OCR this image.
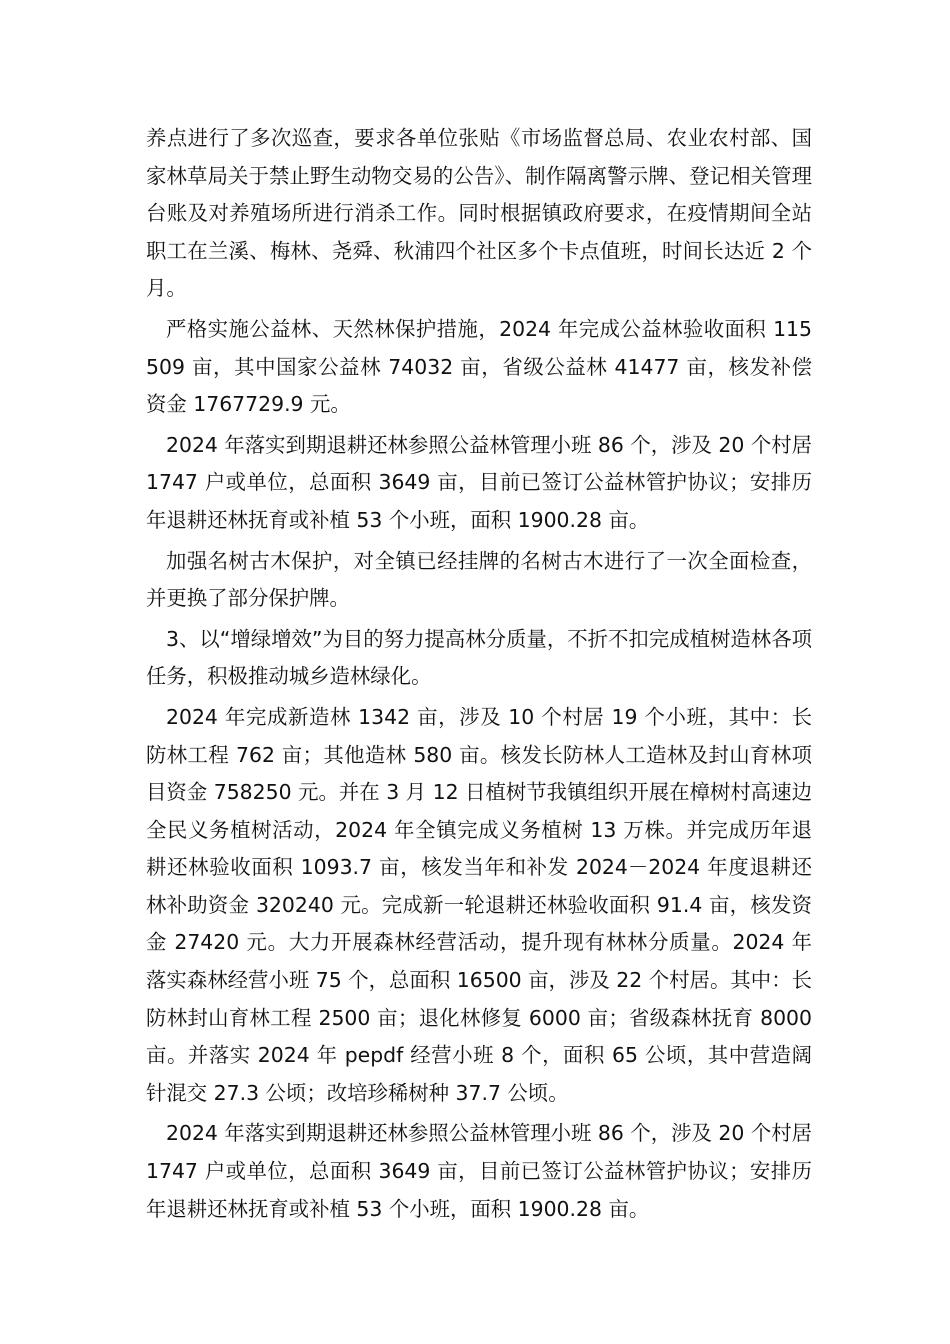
养点进行了多次巡查，要求各单位张贴《市场监督总局、农业农村部、国家林草局关于禁止野生动物交易的公告》、制作隔离警示牌、登记相关管理台账及对养殖场所进行消杀工作。同时根据镇政府要求，在疫情期间全站职工在兰溪、梅林、尧舜、秋浦四个社区多个卡点值班，时间长达近 2 个月。

严格实施公益林、天然林保护措施，2024 年完成公益林验收面积 115509 亩，其中国家公益林 74032 亩，省级公益林 41477 亩，核发补偿资金 1767729.9 元。

2024 年落实到期退耕还林参照公益林管理小班 86 个，涉及 20 个村居 1747 户或单位，总面积 3649 亩，目前已签订公益林管护协议；安排历年退耕还林抚育或补植 53 个小班，面积 1900.28 亩。

加强名树古木保护，对全镇已经挂牌的名树古木进行了一次全面检查，并更换了部分保护牌。

3、以“增绿增效”为目的努力提高林分质量，不折不扣完成植树造林各项任务，积极推动城乡造林绿化。

2024 年完成新造林 1342 亩，涉及 10 个村居 19 个小班，其中：长防林工程 762 亩；其他造林 580 亩。核发长防林人工造林及封山育林项目资金 758250 元。并在 3 月 12 日植树节我镇组织开展在樟树村高速边全民义务植树活动，2024 年全镇完成义务植树 13 万株。并完成历年退耕还林验收面积 1093.7 亩，核发当年和补发 2024－2024 年度退耕还林补助资金 320240 元。完成新一轮退耕还林验收面积 91.4 亩，核发资金 27420 元。大力开展森林经营活动，提升现有林林分质量。2024 年落实森林经营小班 75 个，总面积 16500 亩，涉及 22 个村居。其中：长防林封山育林工程 2500 亩；退化林修复 6000 亩；省级森林抚育 8000 亩。并落实 2024 年 pepdf 经营小班 8 个，面积 65 公顷，其中营造阔针混交 27.3 公顷；改培珍稀树种 37.7 公顷。

2024 年落实到期退耕还林参照公益林管理小班 86 个，涉及 20 个村居 1747 户或单位，总面积 3649 亩，目前已签订公益林管护协议；安排历年退耕还林抚育或补植 53 个小班，面积 1900.28 亩。
